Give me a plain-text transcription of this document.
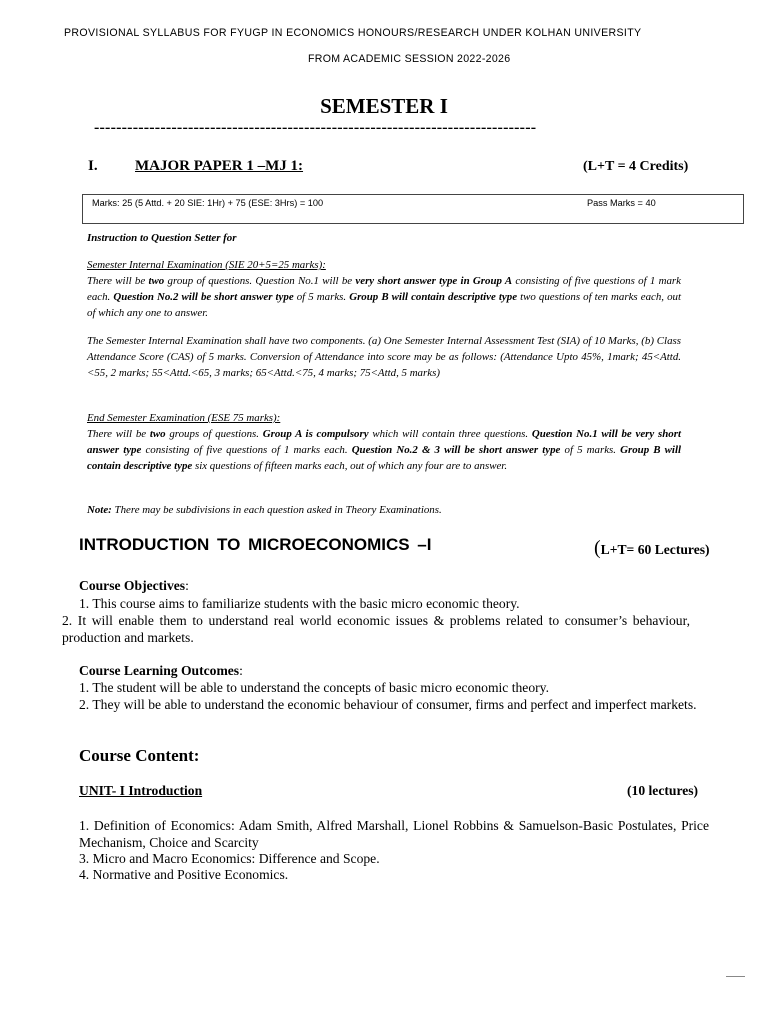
PROVISIONAL SYLLABUS FOR FYUGP IN ECONOMICS HONOURS/RESEARCH UNDER KOLHAN UNIVERSITY
FROM ACADEMIC SESSION 2022-2026
SEMESTER I
--------------------------------------------------------------------------------
I. MAJOR PAPER 1 –MJ 1:	(L+T = 4 Credits)
Marks: 25 (5 Attd. + 20 SIE: 1Hr) + 75 (ESE: 3Hrs) = 100	Pass Marks = 40
Instruction to Question Setter for
Semester Internal Examination (SIE 20+5=25 marks):
There will be two group of questions. Question No.1 will be very short answer type in Group A consisting of five questions of 1 mark each. Question No.2 will be short answer type of 5 marks. Group B will contain descriptive type two questions of ten marks each, out of which any one to answer.
The Semester Internal Examination shall have two components. (a) One Semester Internal Assessment Test (SIA) of 10 Marks, (b) Class Attendance Score (CAS) of 5 marks. Conversion of Attendance into score may be as follows: (Attendance Upto 45%, 1mark; 45<Attd.<55, 2 marks; 55<Attd.<65, 3 marks; 65<Attd.<75, 4 marks; 75<Attd, 5 marks)
End Semester Examination (ESE 75 marks):
There will be two groups of questions. Group A is compulsory which will contain three questions. Question No.1 will be very short answer type consisting of five questions of 1 marks each. Question No.2 & 3 will be short answer type of 5 marks. Group B will contain descriptive type six questions of fifteen marks each, out of which any four are to answer.
Note: There may be subdivisions in each question asked in Theory Examinations.
INTRODUCTION TO MICROECONOMICS –I	(L+T= 60 Lectures)
Course Objectives:
1. This course aims to familiarize students with the basic micro economic theory.
2. It will enable them to understand real world economic issues & problems related to consumer’s behaviour, production and markets.
Course Learning Outcomes:
1. The student will be able to understand the concepts of basic micro economic theory.
2. They will be able to understand the economic behaviour of consumer, firms and perfect and imperfect markets.
Course Content:
UNIT- I Introduction	(10 lectures)
1. Definition of Economics: Adam Smith, Alfred Marshall, Lionel Robbins & Samuelson-Basic Postulates, Price Mechanism, Choice and Scarcity
3. Micro and Macro Economics: Difference and Scope.
4. Normative and Positive Economics.
